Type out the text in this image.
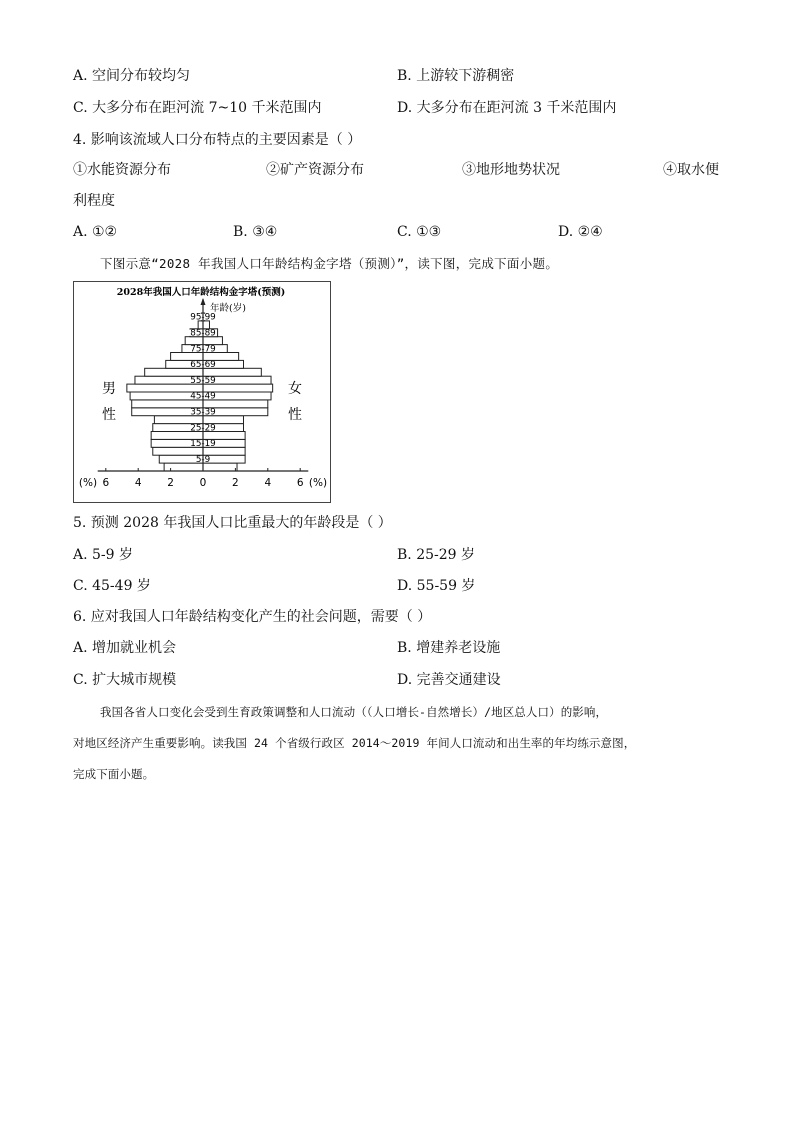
A. 空间分布较均匀	B. 上游较下游稠密
C. 大多分布在距河流 7~10 千米范围内	D. 大多分布在距河流 3 千米范围内
4. 影响该流域人口分布特点的主要因素是（ ）
①水能资源分布	②矿产资源分布	③地形地势状况	④取水便
利程度
A. ①②	B. ③④	C. ①③	D. ②④
下图示意“2028 年我国人口年龄结构金字塔（预测）”，读下图，完成下面小题。
2028年我国人口年龄结构金字塔(预测)
年龄(岁)
男
性
女
性
5-9
15-19
25-29
35-39
45-49
55-59
65-69
75-79
85-89
95-99
(%) 6 4 2 0 2 4 6 (%)
5. 预测 2028 年我国人口比重最大的年龄段是（ ）
A. 5-9 岁	B. 25-29 岁
C. 45-49 岁	D. 55-59 岁
6. 应对我国人口年龄结构变化产生的社会问题，需要（ ）
A. 增加就业机会	B. 增建养老设施
C. 扩大城市规模	D. 完善交通建设
我国各省人口变化会受到生育政策调整和人口流动（（人口增长-自然增长）/地区总人口）的影响，
对地区经济产生重要影响。读我国 24 个省级行政区 2014～2019 年间人口流动和出生率的年均练示意图，
完成下面小题。
